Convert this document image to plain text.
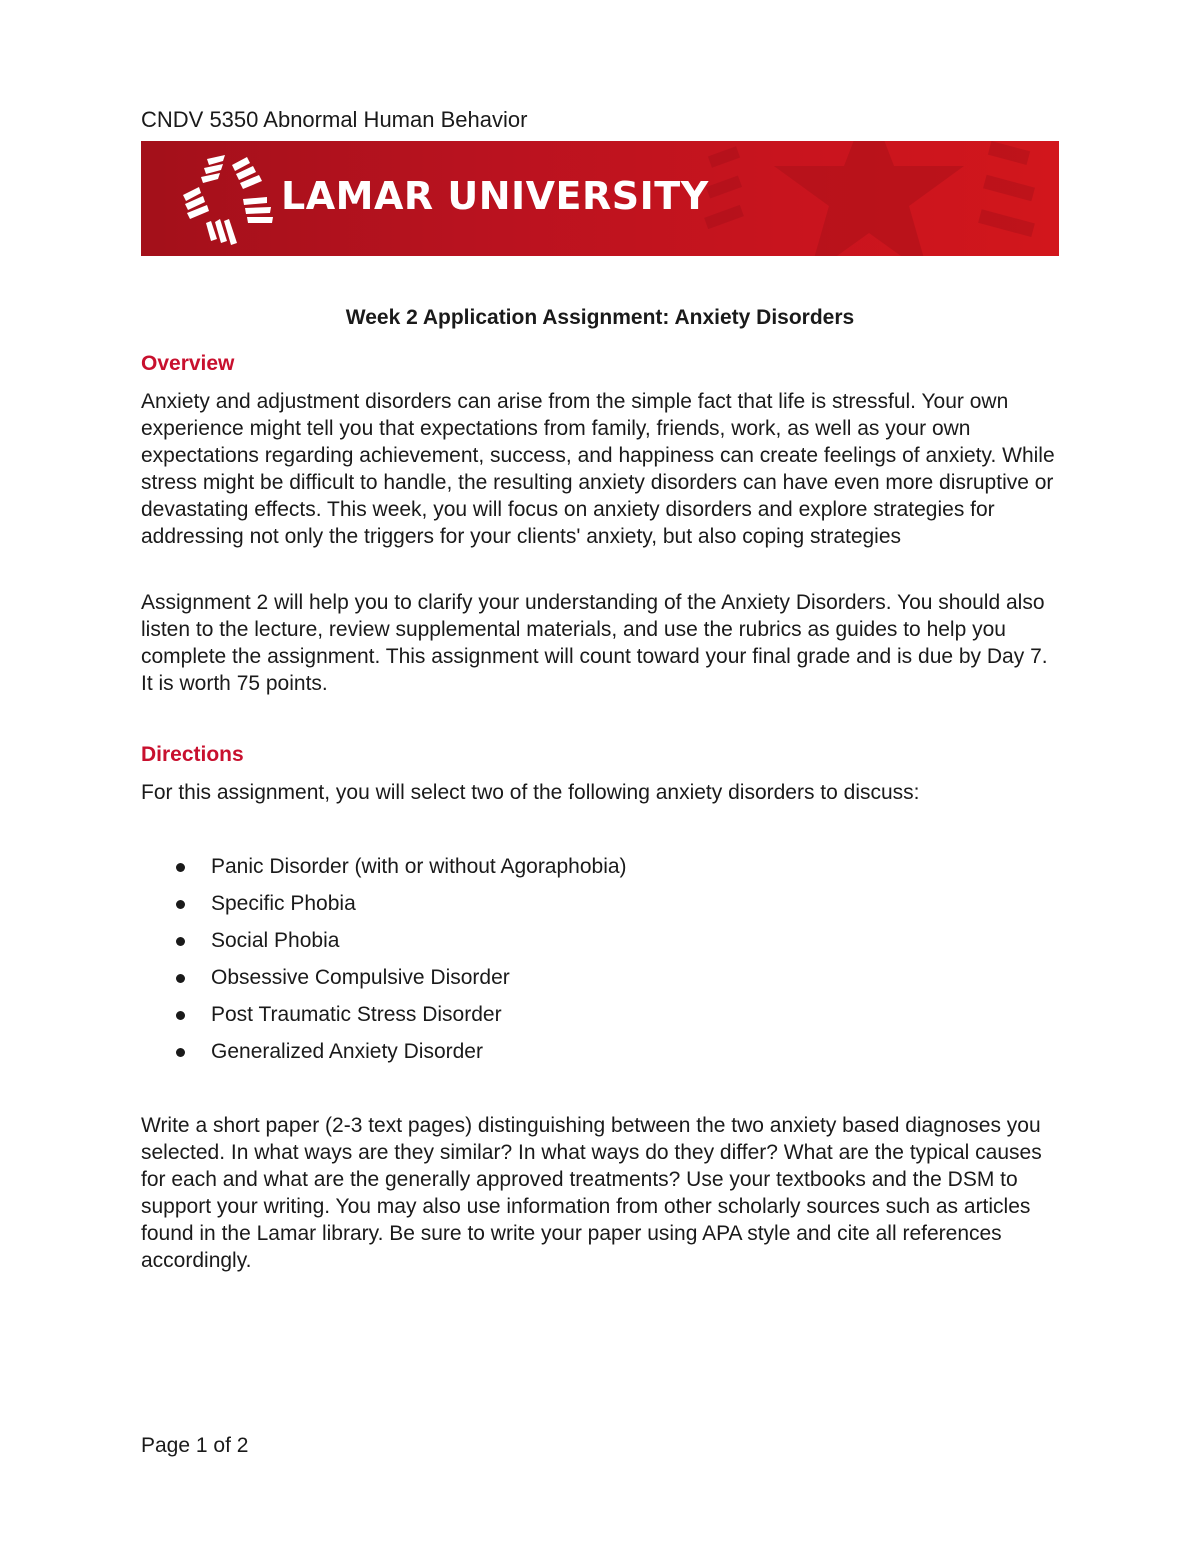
CNDV 5350 Abnormal Human Behavior
LAMAR UNIVERSITY
Week 2 Application Assignment: Anxiety Disorders
Overview

Anxiety and adjustment disorders can arise from the simple fact that life is stressful. Your own experience might tell you that expectations from family, friends, work, as well as your own expectations regarding achievement, success, and happiness can create feelings of anxiety. While stress might be difficult to handle, the resulting anxiety disorders can have even more disruptive or devastating effects. This week, you will focus on anxiety disorders and explore strategies for addressing not only the triggers for your clients' anxiety, but also coping strategies

Assignment 2 will help you to clarify your understanding of the Anxiety Disorders. You should also listen to the lecture, review supplemental materials, and use the rubrics as guides to help you complete the assignment. This assignment will count toward your final grade and is due by Day 7. It is worth 75 points.

Directions

For this assignment, you will select two of the following anxiety disorders to discuss:

Panic Disorder (with or without Agoraphobia)
Specific Phobia
Social Phobia
Obsessive Compulsive Disorder
Post Traumatic Stress Disorder
Generalized Anxiety Disorder

Write a short paper (2-3 text pages) distinguishing between the two anxiety based diagnoses you selected. In what ways are they similar? In what ways do they differ? What are the typical causes for each and what are the generally approved treatments? Use your textbooks and the DSM to support your writing. You may also use information from other scholarly sources such as articles found in the Lamar library. Be sure to write your paper using APA style and cite all references accordingly.

Page 1 of 2
